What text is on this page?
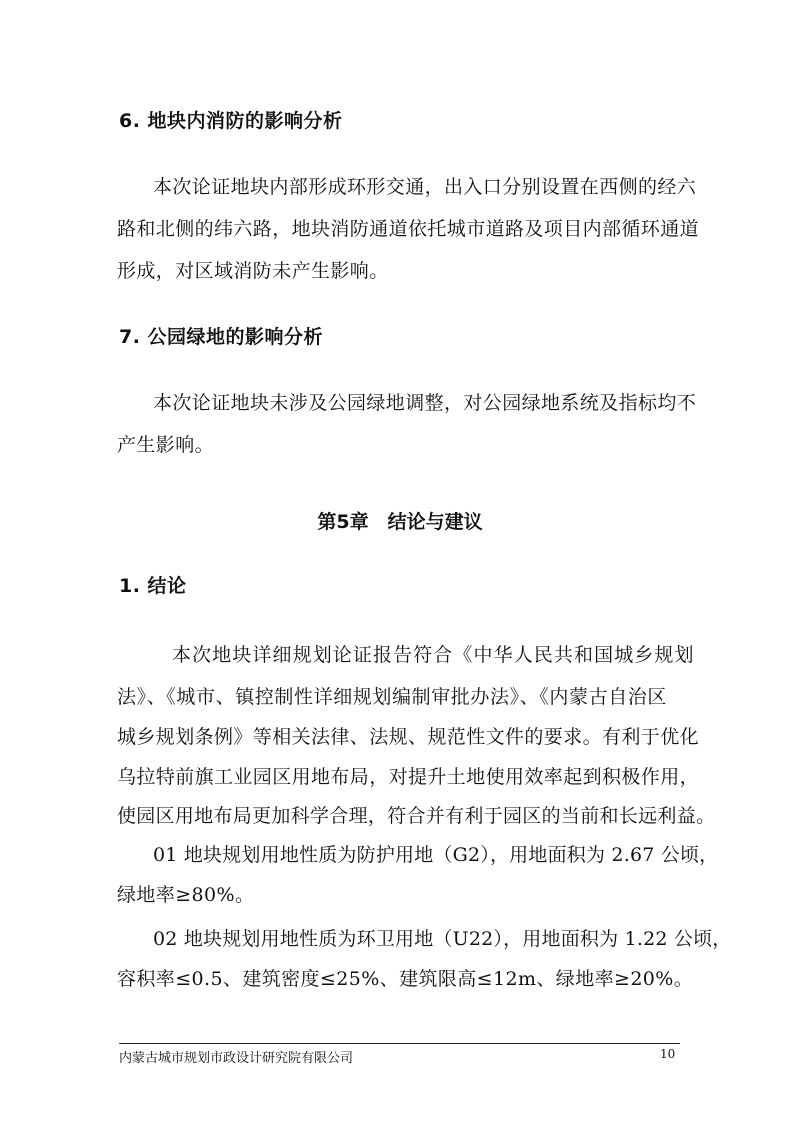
6. 地块内消防的影响分析
本次论证地块内部形成环形交通，出入口分别设置在西侧的经六
路和北侧的纬六路，地块消防通道依托城市道路及项目内部循环通道
形成，对区域消防未产生影响。
7. 公园绿地的影响分析
本次论证地块未涉及公园绿地调整，对公园绿地系统及指标均不
产生影响。
第5章　结论与建议
1. 结论
本次地块详细规划论证报告符合《中华人民共和国城乡规划
法》、《城市、镇控制性详细规划编制审批办法》、《内蒙古自治区
城乡规划条例》等相关法律、法规、规范性文件的要求。有利于优化
乌拉特前旗工业园区用地布局，对提升土地使用效率起到积极作用，
使园区用地布局更加科学合理，符合并有利于园区的当前和长远利益。
01 地块规划用地性质为防护用地（G2），用地面积为 2.67 公顷，
绿地率≥80%。
02 地块规划用地性质为环卫用地（U22），用地面积为 1.22 公顷，
容积率≤0.5、建筑密度≤25%、建筑限高≤12m、绿地率≥20%。
内蒙古城市规划市政设计研究院有限公司	10
